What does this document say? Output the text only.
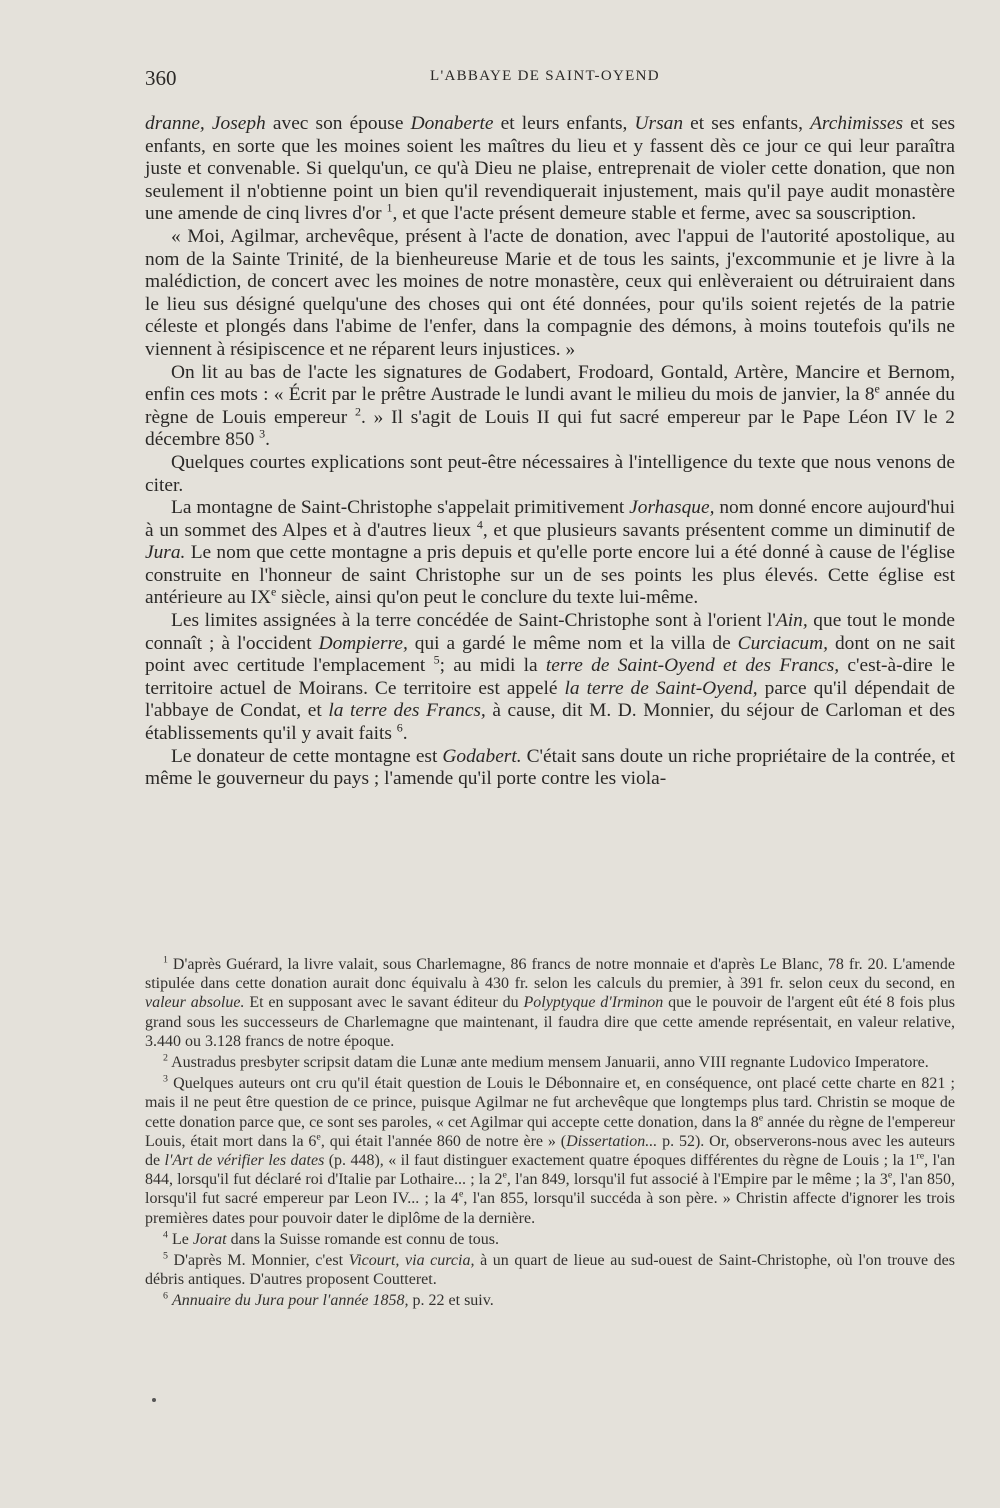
360	L'ABBAYE DE SAINT-OYEND

dranne, Joseph avec son épouse Donaberte et leurs enfants, Ursan et ses enfants, Archimisses et ses enfants, en sorte que les moines soient les maîtres du lieu et y fassent dès ce jour ce qui leur paraîtra juste et convenable. Si quelqu'un, ce qu'à Dieu ne plaise, entreprenait de violer cette donation, que non seulement il n'obtienne point un bien qu'il revendiquerait injustement, mais qu'il paye audit monastère une amende de cinq livres d'or $^1$, et que l'acte présent demeure stable et ferme, avec sa souscription.

« Moi, Agilmar, archevêque, présent à l'acte de donation, avec l'appui de l'autorité apostolique, au nom de la Sainte Trinité, de la bienheureuse Marie et de tous les saints, j'excommunie et je livre à la malédiction, de concert avec les moines de notre monastère, ceux qui enlèveraient ou détruiraient dans le lieu sus désigné quelqu'une des choses qui ont été données, pour qu'ils soient rejetés de la patrie céleste et plongés dans l'abime de l'enfer, dans la compagnie des démons, à moins toutefois qu'ils ne viennent à résipiscence et ne réparent leurs injustices. »

On lit au bas de l'acte les signatures de Godabert, Frodoard, Gontald, Artère, Mancire et Bernom, enfin ces mots : « Écrit par le prêtre Austrade le lundi avant le milieu du mois de janvier, la 8e année du règne de Louis empereur $^2$. » Il s'agit de Louis II qui fut sacré empereur par le Pape Léon IV le 2 décembre 850 $^3$.

Quelques courtes explications sont peut-être nécessaires à l'intelligence du texte que nous venons de citer.

La montagne de Saint-Christophe s'appelait primitivement Jorhasque, nom donné encore aujourd'hui à un sommet des Alpes et à d'autres lieux $^4$, et que plusieurs savants présentent comme un diminutif de Jura. Le nom que cette montagne a pris depuis et qu'elle porte encore lui a été donné à cause de l'église construite en l'honneur de saint Christophe sur un de ses points les plus élevés. Cette église est antérieure au IXe siècle, ainsi qu'on peut le conclure du texte lui-même.

Les limites assignées à la terre concédée de Saint-Christophe sont à l'orient l'Ain, que tout le monde connaît ; à l'occident Dompierre, qui a gardé le même nom et la villa de Curciacum, dont on ne sait point avec certitude l'emplacement $^5$; au midi la terre de Saint-Oyend et des Francs, c'est-à-dire le territoire actuel de Moirans. Ce territoire est appelé la terre de Saint-Oyend, parce qu'il dépendait de l'abbaye de Condat, et la terre des Francs, à cause, dit M. D. Monnier, du séjour de Carloman et des établissements qu'il y avait faits $^6$.

Le donateur de cette montagne est Godabert. C'était sans doute un riche propriétaire de la contrée, et même le gouverneur du pays ; l'amende qu'il porte contre les viola-

$^1$ D'après Guérard, la livre valait, sous Charlemagne, 86 francs de notre monnaie et d'après Le Blanc, 78 fr. 20. L'amende stipulée dans cette donation aurait donc équivalu à 430 fr. selon les calculs du premier, à 391 fr. selon ceux du second, en valeur absolue. Et en supposant avec le savant éditeur du Polyptyque d'Irminon que le pouvoir de l'argent eût été 8 fois plus grand sous les successeurs de Charlemagne que maintenant, il faudra dire que cette amende représentait, en valeur relative, 3.440 ou 3.128 francs de notre époque.

$^2$ Austradus presbyter scripsit datam die Lunæ ante medium mensem Januarii, anno VIII regnante Ludovico Imperatore.

$^3$ Quelques auteurs ont cru qu'il était question de Louis le Débonnaire et, en conséquence, ont placé cette charte en 821 ; mais il ne peut être question de ce prince, puisque Agilmar ne fut archevêque que longtemps plus tard. Christin se moque de cette donation parce que, ce sont ses paroles, « cet Agilmar qui accepte cette donation, dans la 8e année du règne de l'empereur Louis, était mort dans la 6e, qui était l'année 860 de notre ère » (Dissertation... p. 52). Or, observerons-nous avec les auteurs de l'Art de vérifier les dates (p. 448), « il faut distinguer exactement quatre époques différentes du règne de Louis ; la 1re, l'an 844, lorsqu'il fut déclaré roi d'Italie par Lothaire... ; la 2e, l'an 849, lorsqu'il fut associé à l'Empire par le même ; la 3e, l'an 850, lorsqu'il fut sacré empereur par Leon IV... ; la 4e, l'an 855, lorsqu'il succéda à son père. » Christin affecte d'ignorer les trois premières dates pour pouvoir dater le diplôme de la dernière.

$^4$ Le Jorat dans la Suisse romande est connu de tous.

$^5$ D'après M. Monnier, c'est Vicourt, via curcia, à un quart de lieue au sud-ouest de Saint-Christophe, où l'on trouve des débris antiques. D'autres proposent Coutteret.

$^6$ Annuaire du Jura pour l'année 1858, p. 22 et suiv.
